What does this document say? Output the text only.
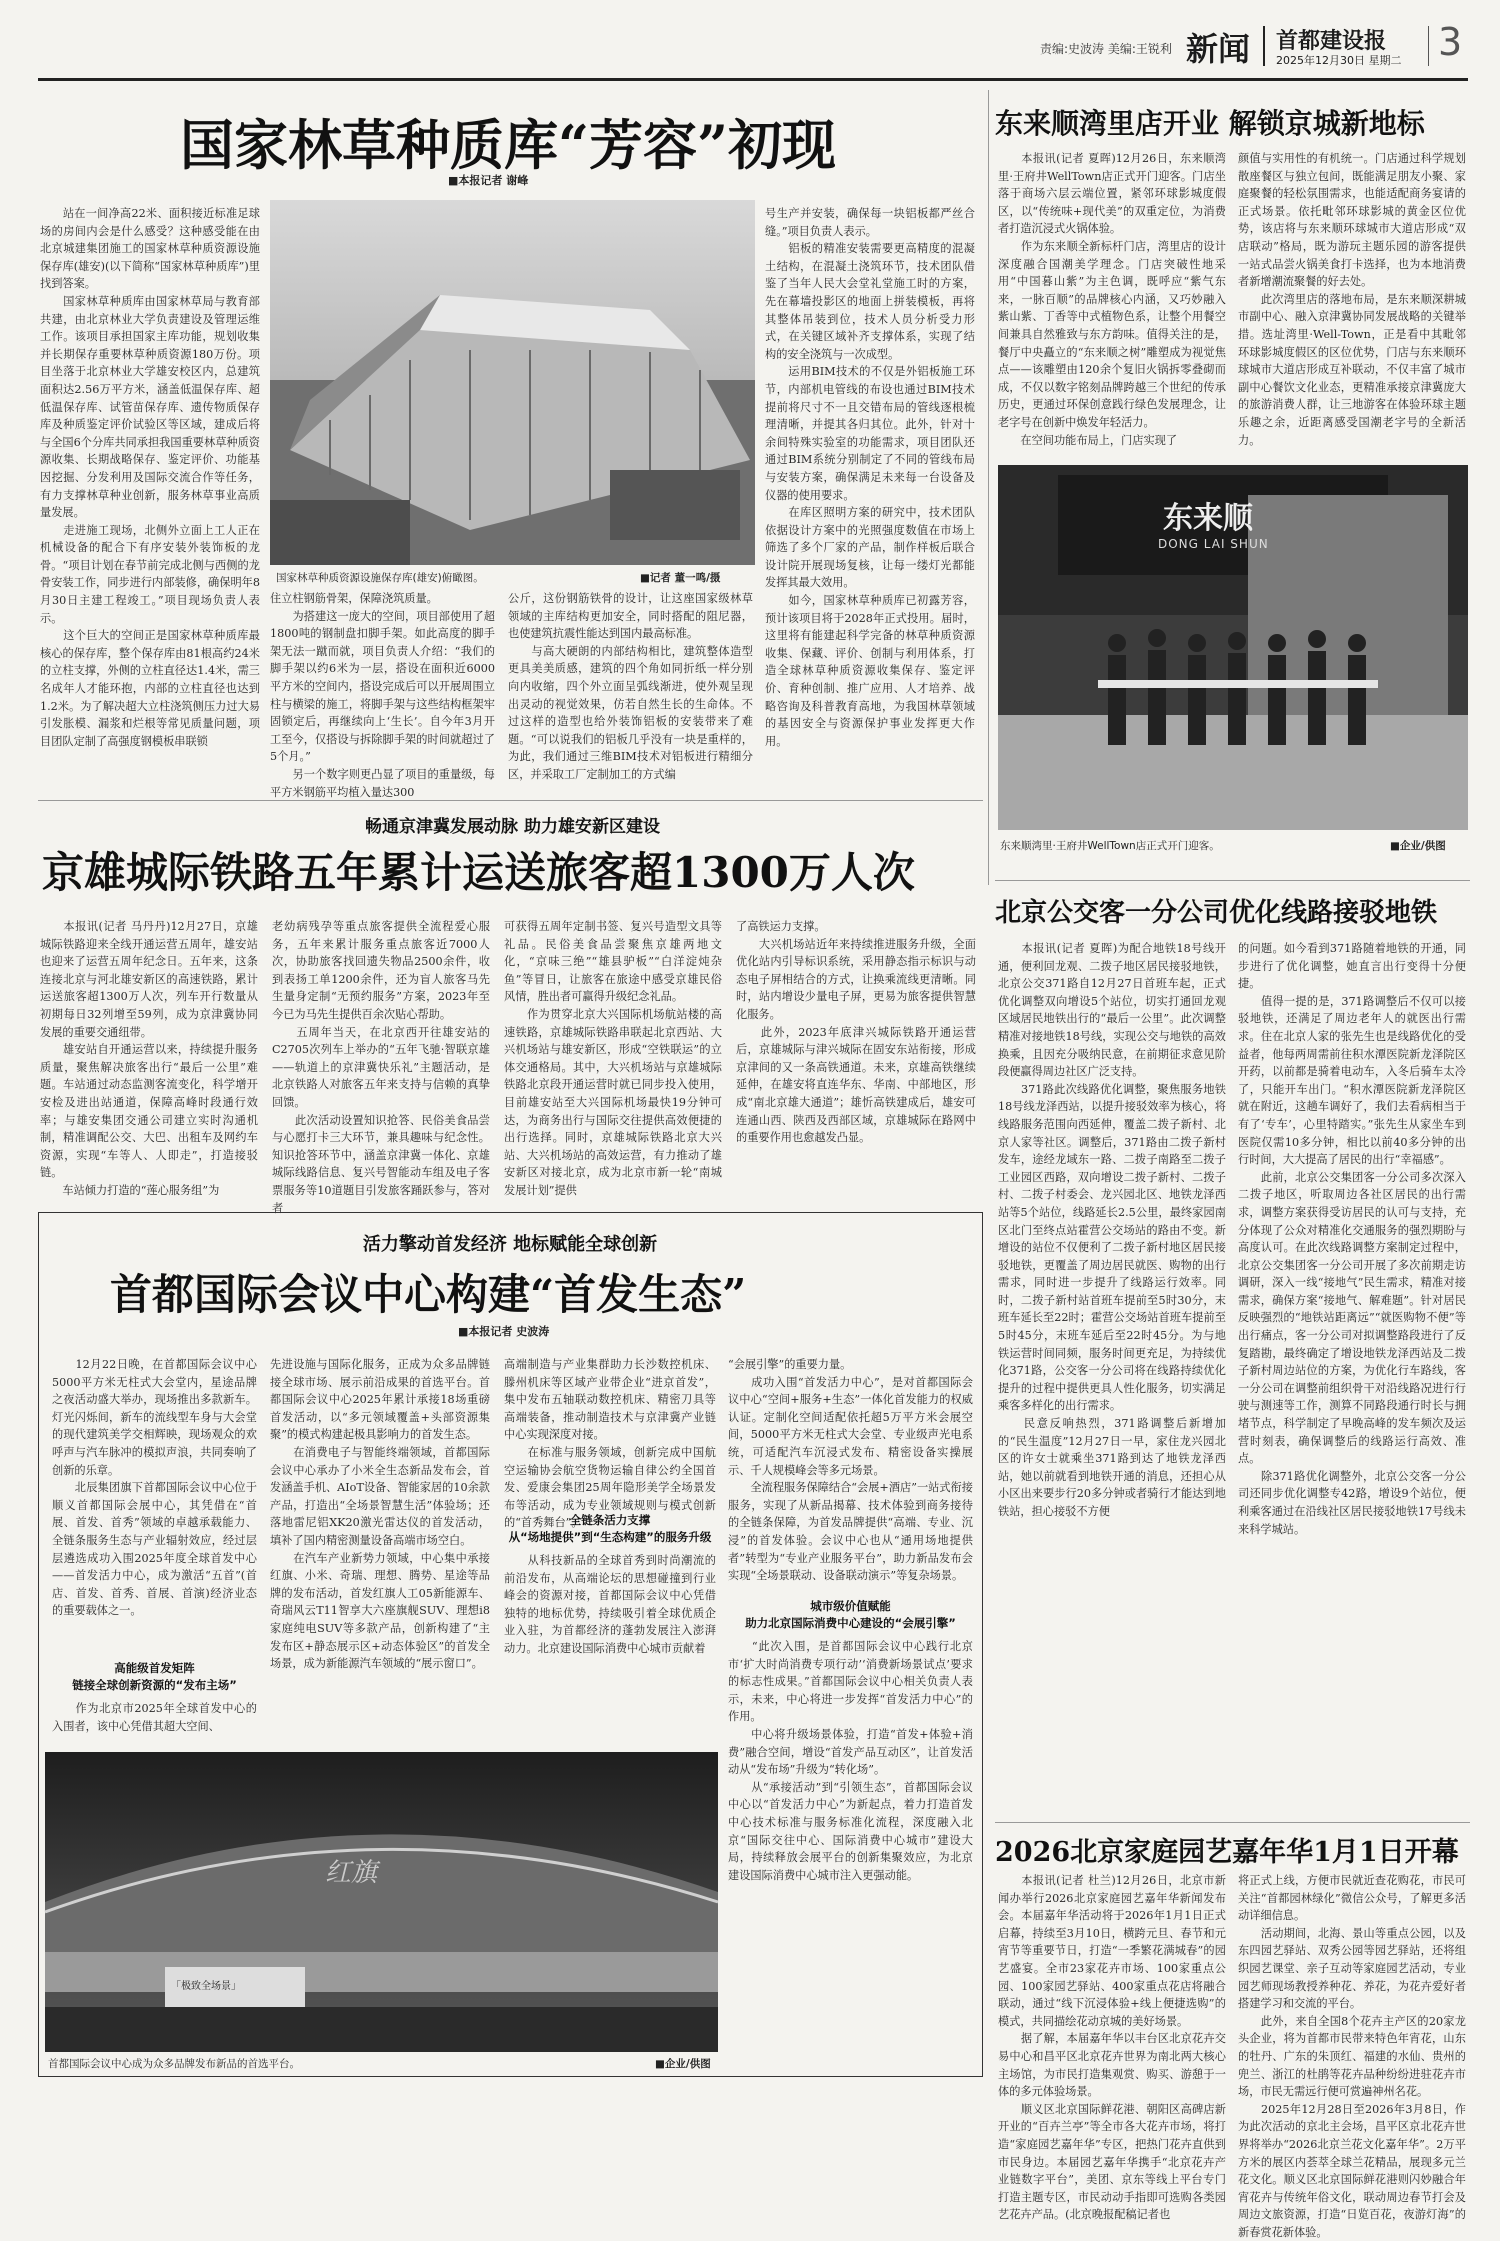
责编:史波涛 美编:王锐利 新闻 首都建设报
2025年12月30日 星期二 3
国家林草种质库“芳容”初现
■本报记者 谢峰
　　站在一间净高22米、面积接近标准足球场的房间内会是什么感受？这种感受能在由北京城建集团施工的国家林草种质资源设施保存库(雄安)(以下简称“国家林草种质库”)里找到答案。
　　国家林草种质库由国家林草局与教育部共建，由北京林业大学负责建设及管理运维工作。该项目承担国家主库功能，规划收集并长期保存重要林草种质资源180万份。项目坐落于北京林业大学雄安校区内，总建筑面积达2.56万平方米，涵盖低温保存库、超低温保存库、试管苗保存库、遗传物质保存库及种质鉴定评价试验区等区域，建成后将与全国6个分库共同承担我国重要林草种质资源收集、长期战略保存、鉴定评价、功能基因挖掘、分发利用及国际交流合作等任务，有力支撑林草种业创新，服务林草事业高质量发展。
　　走进施工现场，北侧外立面上工人正在机械设备的配合下有序安装外装饰板的龙骨。“项目计划在春节前完成北侧与西侧的龙骨安装工作，同步进行内部装修，确保明年8月30日主建工程竣工。”项目现场负责人表示。
　　这个巨大的空间正是国家林草种质库最核心的保存库，整个保存库由81根高约24米的立柱支撑，外侧的立柱直径达1.4米，需三名成年人才能环抱，内部的立柱直径也达到1.2米。为了解决超大立柱浇筑侧压力过大易引发胀模、漏浆和烂根等常见质量问题，项目团队定制了高强度钢模板串联锁
国家林草种质资源设施保存库(雄安)俯瞰图。	■记者 董一鸣/摄
住立柱钢筋骨架，保障浇筑质量。
　　为搭建这一庞大的空间，项目部使用了超1800吨的钢制盘扣脚手架。如此高度的脚手架无法一蹴而就，项目负责人介绍：“我们的脚手架以约6米为一层，搭设在面积近6000平方米的空间内，搭设完成后可以开展周围立柱与横梁的施工，将脚手架与这些结构框架牢固锁定后，再继续向上‘生长’。自今年3月开工至今，仅搭设与拆除脚手架的时间就超过了5个月。”
　　另一个数字则更凸显了项目的重量级，每平方米钢筋平均植入量达300
公斤，这份钢筋铁骨的设计，让这座国家级林草领域的主库结构更加安全，同时搭配的阻尼器，也使建筑抗震性能达到国内最高标准。
　　与高大硬朗的内部结构相比，建筑整体造型更具美美质感，建筑的四个角如同折纸一样分别向内收缩，四个外立面呈弧线渐进，使外观呈现出灵动的视觉效果，仿若自然生长的生命体。不过这样的造型也给外装饰铝板的安装带来了难题。“可以说我们的铝板几乎没有一块是重样的，为此，我们通过三维BIM技术对铝板进行精细分区，并采取工厂定制加工的方式编
号生产并安装，确保每一块铝板都严丝合缝。”项目负责人表示。
　　铝板的精准安装需要更高精度的混凝土结构，在混凝土浇筑环节，技术团队借鉴了当年人民大会堂礼堂施工时的方案，先在幕墙投影区的地面上拼装模板，再将其整体吊装到位，技术人员分析受力形式，在关键区域补齐支撑体系，实现了结构的安全浇筑与一次成型。
　　运用BIM技术的不仅是外铝板施工环节，内部机电管线的布设也通过BIM技术提前将尺寸不一且交错布局的管线逐根梳理清晰，并提其各归其位。此外，针对十余间特殊实验室的功能需求，项目团队还通过BIM系统分别制定了不同的管线布局与安装方案，确保满足未来每一台设备及仪器的使用要求。
　　在库区照明方案的研究中，技术团队依据设计方案中的光照强度数值在市场上筛选了多个厂家的产品，制作样板后联合设计院开展现场复核，让每一缕灯光都能发挥其最大效用。
　　如今，国家林草种质库已初露芳容，预计该项目将于2028年正式投用。届时，这里将有能建起科学完备的林草种质资源收集、保藏、评价、创制与利用体系，打造全球林草种质资源收集保存、鉴定评价、育种创制、推广应用、人才培养、战略咨询及科普教育高地，为我国林草领域的基因安全与资源保护事业发挥更大作用。
东来顺湾里店开业 解锁京城新地标
　　本报讯(记者 夏晖)12月26日，东来顺湾里·王府井WellTown店正式开门迎客。门店坐落于商场六层云端位置，紧邻环球影城度假区，以“传统味+现代美”的双重定位，为消费者打造沉浸式火锅体验。
　　作为东来顺全新标杆门店，湾里店的设计深度融合国潮美学理念。门店突破性地采用“中国暮山紫”为主色调，既呼应“紫气东来，一脉百顺”的品牌核心内涵，又巧妙融入紫山紫、丁香等中式植物色系，让整个用餐空间兼具自然雅致与东方韵味。值得关注的是，餐厅中央矗立的“东来顺之树”雕塑成为视觉焦点——该雕塑由120余个复旧火锅拆零叠砌而成，不仅以数字铭刻品牌跨越三个世纪的传承历史，更通过环保创意践行绿色发展理念，让老字号在创新中焕发年轻活力。
　　在空间功能布局上，门店实现了
颜值与实用性的有机统一。门店通过科学规划散座餐区与独立包间，既能满足朋友小聚、家庭聚餐的轻松氛围需求，也能适配商务宴请的正式场景。依托毗邻环球影城的黄金区位优势，该店将与东来顺环球城市大道店形成“双店联动”格局，既为游玩主题乐园的游客提供一站式品尝火锅美食打卡选择，也为本地消费者新增潮流聚餐的好去处。
　　此次湾里店的落地布局，是东来顺深耕城市副中心、融入京津冀协同发展战略的关键举措。选址湾里·Well-Town，正是看中其毗邻环球影城度假区的区位优势，门店与东来顺环球城市大道店形成互补联动，不仅丰富了城市副中心餐饮文化业态，更精准承接京津冀庞大的旅游消费人群，让三地游客在体验环球主题乐趣之余，近距离感受国潮老字号的全新活力。
东来顺
DONG LAI SHUN
东来顺湾里·王府井WellTown店正式开门迎客。	■企业/供图
畅通京津冀发展动脉 助力雄安新区建设
京雄城际铁路五年累计运送旅客超1300万人次
　　本报讯(记者 马丹丹)12月27日，京雄城际铁路迎来全线开通运营五周年，雄安站也迎来了运营五周年纪念日。五年来，这条连接北京与河北雄安新区的高速铁路，累计运送旅客超1300万人次，列车开行数量从初期每日32列增至59列，成为京津冀协同发展的重要交通纽带。
　　雄安站自开通运营以来，持续提升服务质量，聚焦解决旅客出行“最后一公里”难题。车站通过动态监测客流变化，科学增开安检及进出站通道，保障高峰时段通行效率；与雄安集团交通公司建立实时沟通机制，精准调配公交、大巴、出租车及网约车资源，实现“车等人、人即走”，打造接驳链。
　　车站倾力打造的“莲心服务组”为
老幼病残孕等重点旅客提供全流程爱心服务，五年来累计服务重点旅客近7000人次，协助旅客找回遗失物品2500余件，收到表扬工单1200余件，还为盲人旅客马先生量身定制“无预约服务”方案，2023年至今已为马先生提供百余次贴心帮助。
　　五周年当天，在北京西开往雄安站的C2705次列车上举办的“五年飞驰·智联京雄——轨道上的京津冀快乐礼”主题活动，是北京铁路人对旅客五年来支持与信赖的真挚回馈。
　　此次活动设置知识抢答、民俗美食品尝与心愿打卡三大环节，兼具趣味与纪念性。知识抢答环节中，涵盖京津冀一体化、京雄城际线路信息、复兴号智能动车组及电子客票服务等10道题目引发旅客踊跃参与，答对者
可获得五周年定制书签、复兴号造型文具等礼品。民俗美食品尝聚焦京雄两地文化，“京味三绝”“雄县驴板”“白洋淀炖杂鱼”等冒日，让旅客在旅途中感受京雄民俗风情，胜出者可赢得升级纪念礼品。
　　作为贯穿北京大兴国际机场航站楼的高速铁路，京雄城际铁路串联起北京西站、大兴机场站与雄安新区，形成“空铁联运”的立体交通格局。其中，大兴机场站与京雄城际铁路北京段开通运营时就已同步投入使用，目前雄安站至大兴国际机场最快19分钟可达，为商务出行与国际交往提供高效便捷的出行选择。同时，京雄城际铁路北京大兴站、大兴机场站的高效运营，有力推动了雄安新区对接北京，成为北京市新一轮“南城发展计划”提供
了高铁运力支撑。
　　大兴机场站近年来持续推进服务升级，全面优化站内引导标识系统，采用静态指示标识与动态电子屏相结合的方式，让换乘流线更清晰。同时，站内增设少量电子屏，更易为旅客提供智慧化服务。
　　此外，2023年底津兴城际铁路开通运营后，京雄城际与津兴城际在固安东站衔接，形成京津间的又一条高铁通道。未来，京雄高铁继续延伸，在雄安将直连华东、华南、中部地区，形成“南北京雄大通道”；雄忻高铁建成后，雄安可连通山西、陕西及西部区域，京雄城际在路网中的重要作用也愈越发凸显。
北京公交客一分公司优化线路接驳地铁
　　本报讯(记者 夏晖)为配合地铁18号线开通，便利回龙观、二拨子地区居民接驳地铁，北京公交371路自12月27日首班车起，正式优化调整双向增设5个站位，切实打通回龙观区域居民地铁出行的“最后一公里”。此次调整精准对接地铁18号线，实现公交与地铁的高效换乘，且因充分吸纳民意，在前期征求意见阶段便赢得周边社区广泛支持。
　　371路此次线路优化调整，聚焦服务地铁18号线龙泽西站，以提升接驳效率为核心，将线路服务范围向西延伸，覆盖二拨子新村、北京人家等社区。调整后，371路由二拨子新村发车，途经龙域东一路、二拨子南路至二拨子工业园区西路，双向增设二拨子新村、二拨子村、二拨子村委会、龙兴园北区、地铁龙泽西站等5个站位，线路延长2.5公里，最终家园南区北门至终点站霍营公交场站的路由不变。新增设的站位不仅便利了二拨子新村地区居民接驳地铁，更覆盖了周边居民就医、购物的出行需求，同时进一步提升了线路运行效率。同时，二拨子新村站首班车提前至5时30分，末班车延长至22时；霍营公交场站首班车提前至5时45分，末班车延后至22时45分。为与地铁运营时间同频，服务时间更充足，为持续优化371路，公交客一分公司将在线路持续优化提升的过程中提供更具人性化服务，切实满足乘客多样化的出行需求。
　　民意反响热烈，371路调整后新增加的“民生温度”12月27日一早，家住龙兴园北区的许女士就乘坐371路到达了地铁龙泽西站，她以前就看到地铁开通的消息，还担心从小区出来要步行20多分钟或者骑行才能达到地铁站，担心接驳不方便
的问题。如今看到371路随着地铁的开通，同步进行了优化调整，她直言出行变得十分便捷。
　　值得一提的是，371路调整后不仅可以接驳地铁，还满足了周边老年人的就医出行需求。住在北京人家的张先生也是线路优化的受益者，他每两周需前往积水潭医院新龙泽院区开药，以前都是骑着电动车，入冬后骑车太冷了，只能开车出门。“积水潭医院新龙泽院区就在附近，这趟车调好了，我们去看病相当于有了‘专车’，心里特踏实。”张先生从家坐车到医院仅需10多分钟，相比以前40多分钟的出行时间，大大提高了居民的出行“幸福感”。
　　此前，北京公交集团客一分公司多次深入二拨子地区，听取周边各社区居民的出行需求，调整方案获得受访居民的认可与支持，充分体现了公众对精准化交通服务的强烈期盼与高度认可。在此次线路调整方案制定过程中，北京公交集团客一分公司开展了多次前期走访调研，深入一线“接地气”民生需求，精准对接需求，确保方案“接地气、解难题”。针对居民反映强烈的“地铁站距离远”“就医购物不便”等出行痛点，客一分公司对拟调整路段进行了反复踏勘，最终确定了增设地铁龙泽西站及二拨子新村周边站位的方案，为优化行车路线，客一分公司在调整前组织骨干对沿线路况进行行驶与测速等工作，测算不同路段通行时长与拥堵节点，科学制定了早晚高峰的发车频次及运营时刻表，确保调整后的线路运行高效、准点。
　　除371路优化调整外，北京公交客一分公司还同步优化调整专42路，增设9个站位，便利乘客通过在沿线社区居民接驳地铁17号线未来科学城站。
活力擎动首发经济 地标赋能全球创新
首都国际会议中心构建“首发生态”
■本报记者 史波涛
　　12月22日晚，在首都国际会议中心5000平方米无柱式大会堂内，星途品牌之夜活动盛大举办，现场推出多款新车。灯光闪烁间，新车的流线型车身与大会堂的现代建筑美学交相辉映，现场观众的欢呼声与汽车脉冲的模拟声浪，共同奏响了创新的乐章。
　　北辰集团旗下首都国际会议中心位于顺义首都国际会展中心，其凭借在“首展、首发、首秀”领域的卓越承载能力、全链条服务生态与产业辐射效应，经过层层遴选成功入围2025年度全球首发中心——首发活力中心，成为激活“五首”(首店、首发、首秀、首展、首演)经济业态的重要载体之一。
高能级首发矩阵
链接全球创新资源的“发布主场”
　　作为北京市2025年全球首发中心的入围者，该中心凭借其超大空间、
先进设施与国际化服务，正成为众多品牌链接全球市场、展示前沿成果的首选平台。首都国际会议中心2025年累计承接18场重磅首发活动，以“多元领域覆盖+头部资源集聚”的模式构建起极具影响力的首发生态。
　　在消费电子与智能终端领域，首都国际会议中心承办了小米全生态新品发布会，首发涵盖手机、AIoT设备、智能家居的10余款产品，打造出“全场景智慧生活”体验场；还落地雷尼铝XK20激光雷达仪的首发活动，填补了国内精密测量设备高端市场空白。
　　在汽车产业新势力领域，中心集中承接红旗、小米、奇瑞、理想、腾势、星途等品牌的发布活动，首发红旗人工05新能源车、奇瑞风云T11智享大六座旗舰SUV、理想i8家庭纯电SUV等多款产品，创新构建了“主发布区+静态展示区+动态体验区”的首发全场景，成为新能源汽车领域的“展示窗口”。
高端制造与产业集群助力长沙数控机床、滕州机床等区域产业带企业“进京首发”，集中发布五轴联动数控机床、精密刀具等高端装备，推动制造技术与京津冀产业链中心实现深度对接。
　　在标准与服务领域，创新完成中国航空运输协会航空货物运输自律公约全国首发、爱康会集团25周年隐形美学全场景发布等活动，成为专业领域规则与模式创新的“首秀舞台”。
全链条活力支撑
从“场地提供”到“生态构建”的服务升级
　　从科技新品的全球首秀到时尚潮流的前沿发布，从高端论坛的思想碰撞到行业峰会的资源对接，首都国际会议中心凭借独特的地标优势，持续吸引着全球优质企业入驻，为首都经济的蓬勃发展注入澎湃动力。北京建设国际消费中心城市贡献着
“会展引擎”的重要力量。
　　成功入围“首发活力中心”，是对首都国际会议中心“空间+服务+生态”一体化首发能力的权威认证。定制化空间适配依托超5万平方米会展空间，5000平方米无柱式大会堂、专业级声光电系统，可适配汽车沉浸式发布、精密设备实操展示、千人规模峰会等多元场景。
　　全流程服务保障结合“会展+酒店”一站式衔接服务，实现了从新品揭幕、技术体验到商务接待的全链条保障，为首发品牌提供“高端、专业、沉浸”的首发体验。会议中心也从“通用场地提供者”转型为“专业产业服务平台”，助力新品发布会实现“全场景联动、设备联动演示”等复杂场景。
城市级价值赋能
助力北京国际消费中心建设的“会展引擎”
　　“此次入围，是首都国际会议中心践行北京市‘扩大时尚消费专项行动’‘消费新场景试点’要求的标志性成果。”首都国际会议中心相关负责人表示，未来，中心将进一步发挥“首发活力中心”的作用。
　　中心将升级场景体验，打造“首发+体验+消费”融合空间，增设“首发产品互动区”，让首发活动从“发布场”升级为“转化场”。
　　从“承接活动”到“引领生态”，首都国际会议中心以“首发活力中心”为新起点，着力打造首发中心技术标准与服务标准化流程，深度融入北京“国际交往中心、国际消费中心城市”建设大局，持续释放会展平台的创新集聚效应，为北京建设国际消费中心城市注入更强动能。
红旗
「极致全场景」
首都国际会议中心成为众多品牌发布新品的首选平台。	■企业/供图
2026北京家庭园艺嘉年华1月1日开幕
　　本报讯(记者 杜兰)12月26日，北京市新闻办举行2026北京家庭园艺嘉年华新闻发布会。本届嘉年华活动将于2026年1月1日正式启幕，持续至3月10日，横跨元旦、春节和元宵节等重要节日，打造“一季繁花满城春”的园艺盛宴。全市23家花卉市场、100家重点公园、100家园艺驿站、400家重点花店将融合联动，通过“线下沉浸体验+线上便捷选购”的模式，共同描绘花动京城的美好场景。
　　据了解，本届嘉年华以丰台区北京花卉交易中心和昌平区北京花卉世界为南北两大核心主场馆，为市民打造集观赏、购买、游憩于一体的多元体验场景。
　　顺义区北京国际鲜花港、朝阳区高碑店新开业的“百卉兰亭”等全市各大花卉市场，将打造“家庭园艺嘉年华”专区，把热门花卉直供到市民身边。本届园艺嘉年华携手“北京花卉产业链数字平台”，美团、京东等线上平台专门打造主题专区，市民动动手指即可选购各类园艺花卉产品。(北京晚报配稿记者也
将正式上线，方便市民就近查花购花，市民可关注“首都园林绿化”微信公众号，了解更多活动详细信息。
　　活动期间，北海、景山等重点公园，以及东四园艺驿站、双秀公园等园艺驿站，还将组织园艺课堂、亲子互动等家庭园艺活动，专业园艺师现场教授养种花、养花，为花卉爱好者搭建学习和交流的平台。
　　此外，来自全国8个花卉主产区的20家龙头企业，将为首都市民带来特色年宵花，山东的牡丹、广东的朱顶红、福建的水仙、贵州的兜兰、浙江的杜鹃等花卉品种纷纷进驻花卉市场，市民无需远行便可赏遍神州名花。
　　2025年12月28日至2026年3月8日，作为此次活动的京北主会场，昌平区京北花卉世界将举办“2026北京兰花文化嘉年华”。2万平方米的展区内荟萃全球兰花精品，展现多元兰花文化。顺义区北京国际鲜花港则闪妙融合年宵花卉与传统年俗文化，联动周边春节打会及周边文旅资源，打造“日览百花，夜游灯海”的新春赏花新体验。
